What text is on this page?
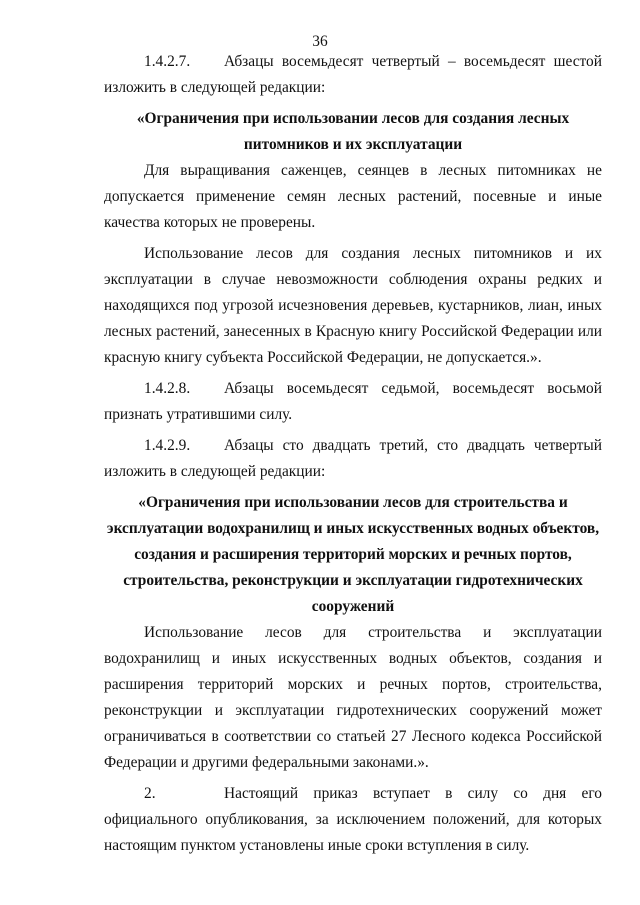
36

1.4.2.7. Абзацы восемьдесят четвертый – восемьдесят шестой изложить в следующей редакции:

«Ограничения при использовании лесов для создания лесных питомников и их эксплуатации

Для выращивания саженцев, сеянцев в лесных питомниках не допускается применение семян лесных растений, посевные и иные качества которых не проверены.

Использование лесов для создания лесных питомников и их эксплуатации в случае невозможности соблюдения охраны редких и находящихся под угрозой исчезновения деревьев, кустарников, лиан, иных лесных растений, занесенных в Красную книгу Российской Федерации или красную книгу субъекта Российской Федерации, не допускается.».

1.4.2.8. Абзацы восемьдесят седьмой, восемьдесят восьмой признать утратившими силу.

1.4.2.9. Абзацы сто двадцать третий, сто двадцать четвертый изложить в следующей редакции:

«Ограничения при использовании лесов для строительства и эксплуатации водохранилищ и иных искусственных водных объектов, создания и расширения территорий морских и речных портов, строительства, реконструкции и эксплуатации гидротехнических сооружений

Использование лесов для строительства и эксплуатации водохранилищ и иных искусственных водных объектов, создания и расширения территорий морских и речных портов, строительства, реконструкции и эксплуатации гидротехнических сооружений может ограничиваться в соответствии со статьей 27 Лесного кодекса Российской Федерации и другими федеральными законами.».

2.	Настоящий приказ вступает в силу со дня его официального опубликования, за исключением положений, для которых настоящим пунктом установлены иные сроки вступления в силу.
